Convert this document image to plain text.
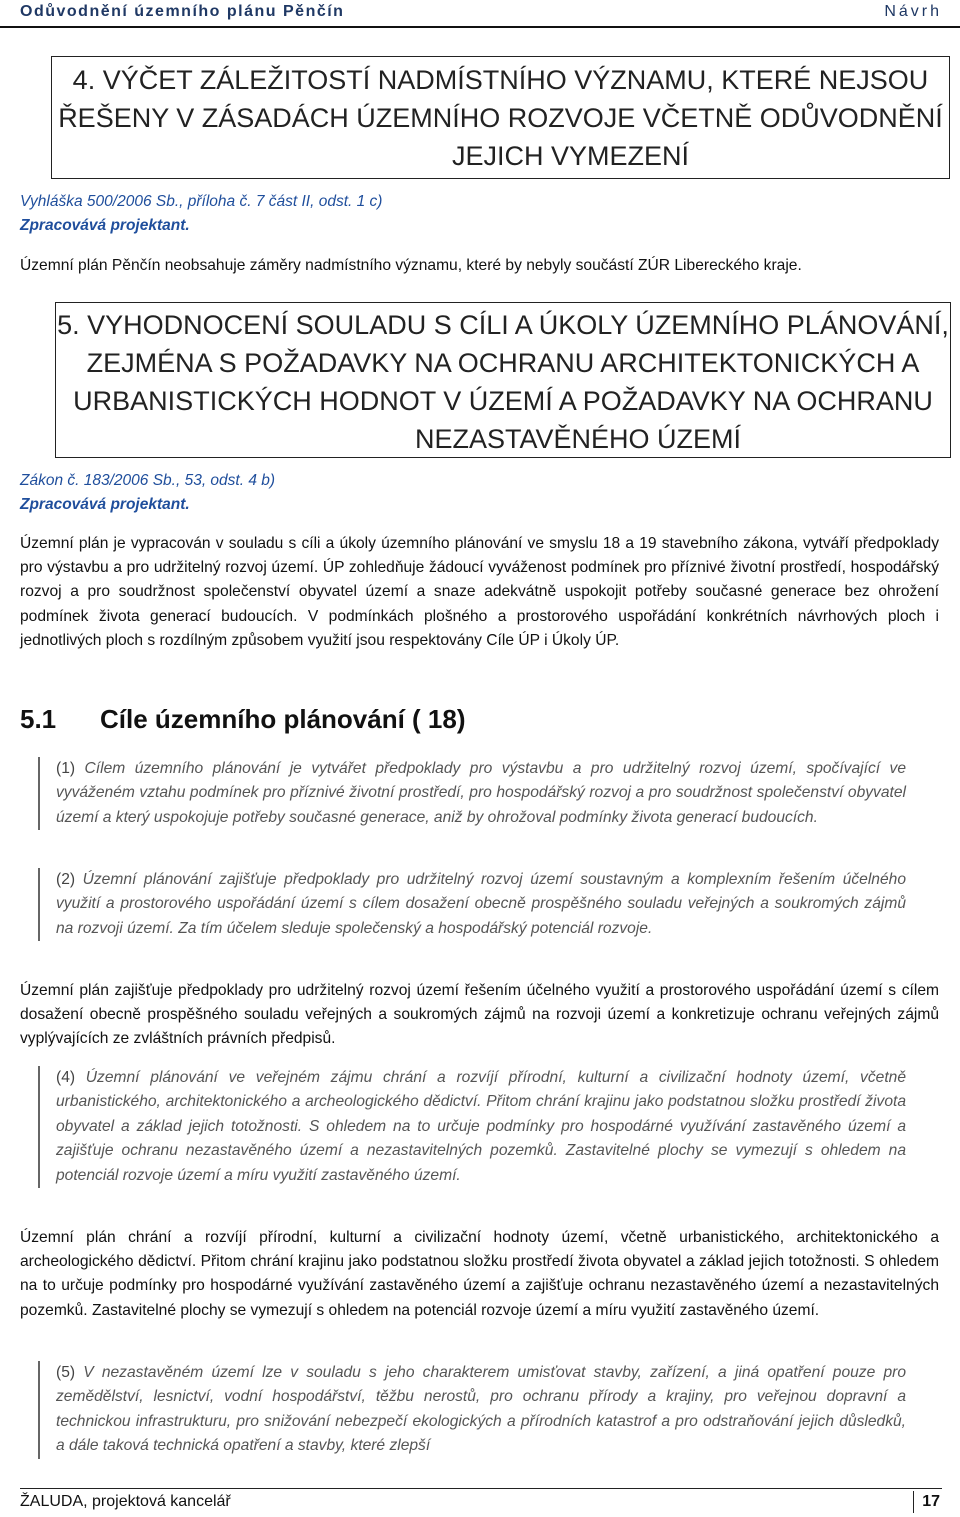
Odůvodnění územního plánu Pěnčín	Návrh
4. VÝČET ZÁLEŽITOSTÍ NADMÍSTNÍHO VÝZNAMU, KTERÉ NEJSOU
ŘEŠENY V ZÁSADÁCH ÚZEMNÍHO ROZVOJE VČETNĚ ODŮVODNĚNÍ
JEJICH VYMEZENÍ
Vyhláška 500/2006 Sb., příloha č. 7 část II, odst. 1 c)
Zpracovává projektant.
Územní plán Pěnčín neobsahuje záměry nadmístního významu, které by nebyly součástí ZÚR Libereckého kraje.
5. VYHODNOCENÍ SOULADU S CÍLI A ÚKOLY ÚZEMNÍHO PLÁNOVÁNÍ,
ZEJMÉNA S POŽADAVKY NA OCHRANU ARCHITEKTONICKÝCH A
URBANISTICKÝCH HODNOT V ÚZEMÍ A POŽADAVKY NA OCHRANU
NEZASTAVĚNÉHO ÚZEMÍ
Zákon č. 183/2006 Sb., 53, odst. 4 b)
Zpracovává projektant.
Územní plán je vypracován v souladu s cíli a úkoly územního plánování ve smyslu 18 a 19 stavebního zákona, vytváří předpoklady pro výstavbu a pro udržitelný rozvoj území. ÚP zohledňuje žádoucí vyváženost podmínek pro příznivé životní prostředí, hospodářský rozvoj a pro soudržnost společenství obyvatel území a snaze adekvátně uspokojit potřeby současné generace bez ohrožení podmínek života generací budoucích. V podmínkách plošného a prostorového uspořádání konkrétních návrhových ploch i jednotlivých ploch s rozdílným způsobem využití jsou respektovány Cíle ÚP i Úkoly ÚP.
5.1 Cíle územního plánování ( 18)
(1) Cílem územního plánování je vytvářet předpoklady pro výstavbu a pro udržitelný rozvoj území, spočívající ve vyváženém vztahu podmínek pro příznivé životní prostředí, pro hospodářský rozvoj a pro soudržnost společenství obyvatel území a který uspokojuje potřeby současné generace, aniž by ohrožoval podmínky života generací budoucích.
(2) Územní plánování zajišťuje předpoklady pro udržitelný rozvoj území soustavným a komplexním řešením účelného využití a prostorového uspořádání území s cílem dosažení obecně prospěšného souladu veřejných a soukromých zájmů na rozvoji území. Za tím účelem sleduje společenský a hospodářský potenciál rozvoje.
Územní plán zajišťuje předpoklady pro udržitelný rozvoj území řešením účelného využití a prostorového uspořádání území s cílem dosažení obecně prospěšného souladu veřejných a soukromých zájmů na rozvoji území a konkretizuje ochranu veřejných zájmů vyplývajících ze zvláštních právních předpisů.
(4) Územní plánování ve veřejném zájmu chrání a rozvíjí přírodní, kulturní a civilizační hodnoty území, včetně urbanistického, architektonického a archeologického dědictví. Přitom chrání krajinu jako podstatnou složku prostředí života obyvatel a základ jejich totožnosti. S ohledem na to určuje podmínky pro hospodárné využívání zastavěného území a zajišťuje ochranu nezastavěného území a nezastavitelných pozemků. Zastavitelné plochy se vymezují s ohledem na potenciál rozvoje území a míru využití zastavěného území.
Územní plán chrání a rozvíjí přírodní, kulturní a civilizační hodnoty území, včetně urbanistického, architektonického a archeologického dědictví. Přitom chrání krajinu jako podstatnou složku prostředí života obyvatel a základ jejich totožnosti. S ohledem na to určuje podmínky pro hospodárné využívání zastavěného území a zajišťuje ochranu nezastavěného území a nezastavitelných pozemků. Zastavitelné plochy se vymezují s ohledem na potenciál rozvoje území a míru využití zastavěného území.
(5) V nezastavěném území lze v souladu s jeho charakterem umisťovat stavby, zařízení, a jiná opatření pouze pro zemědělství, lesnictví, vodní hospodářství, těžbu nerostů, pro ochranu přírody a krajiny, pro veřejnou dopravní a technickou infrastrukturu, pro snižování nebezpečí ekologických a přírodních katastrof a pro odstraňování jejich důsledků, a dále taková technická opatření a stavby, které zlepší
ŽALUDA, projektová kancelář	17
